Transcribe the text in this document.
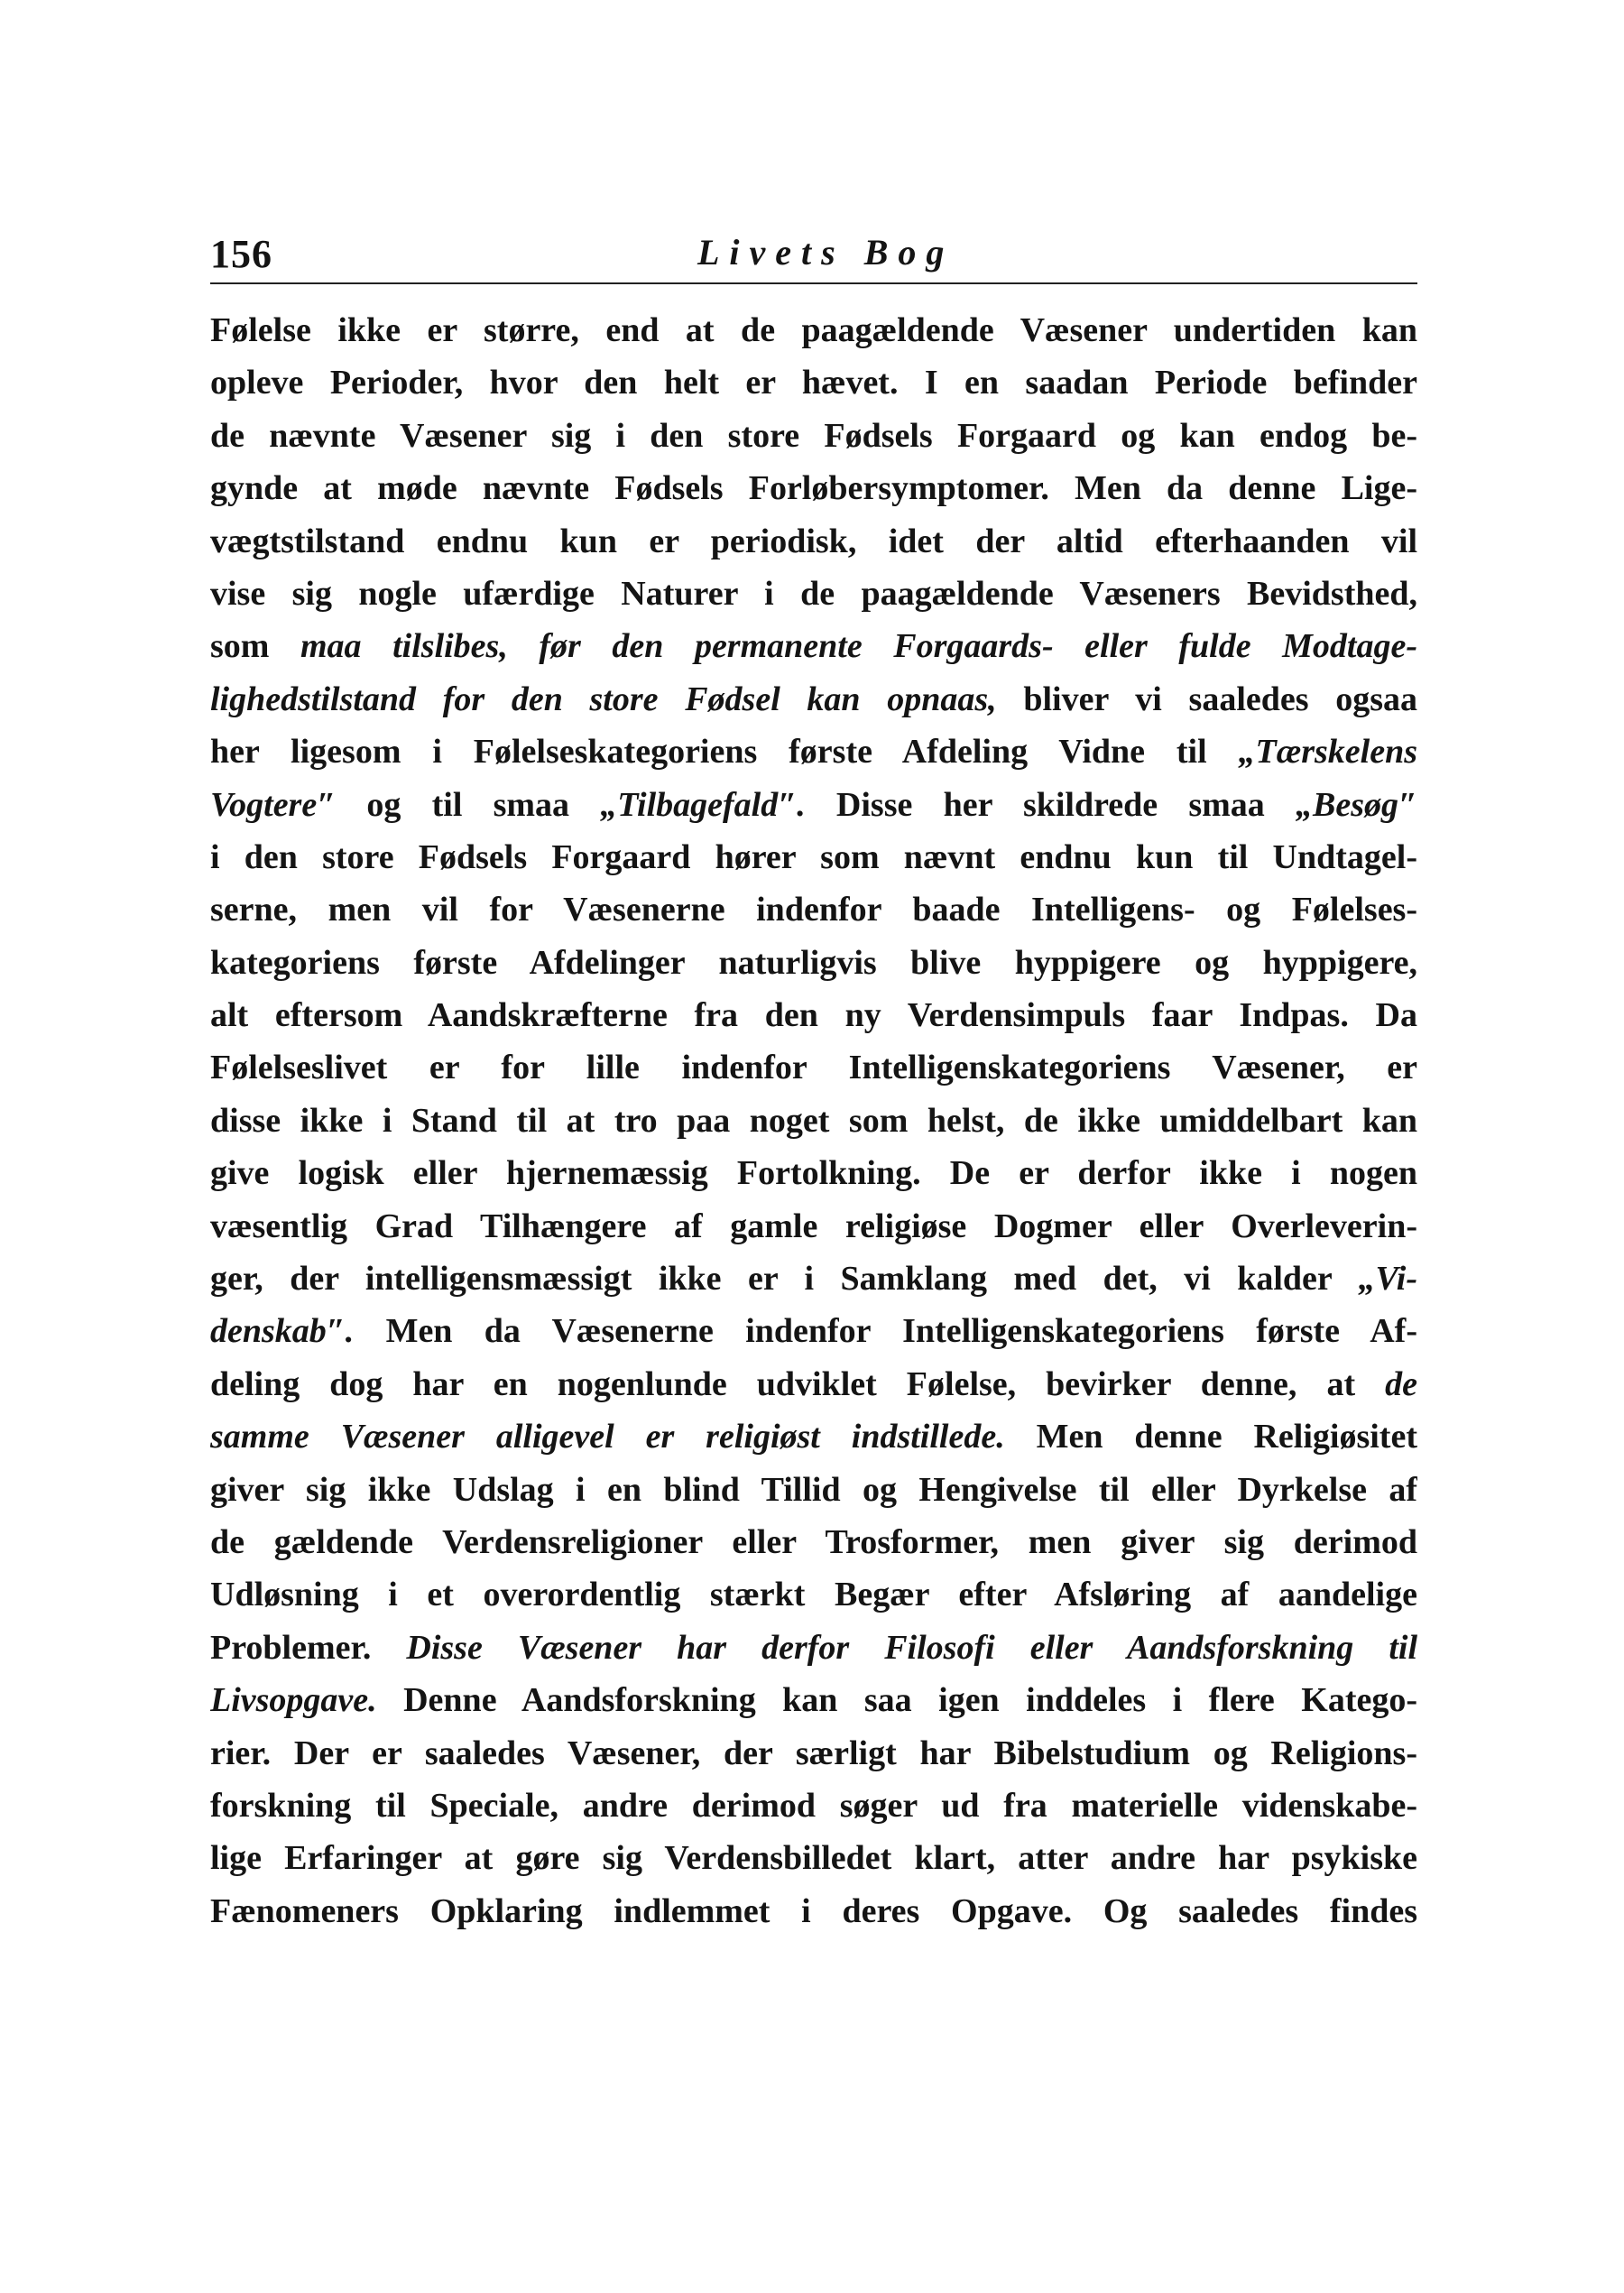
156	Livets Bog
Følelse ikke er større, end at de paagældende Væsener undertiden kan
opleve Perioder, hvor den helt er hævet. I en saadan Periode befinder
de nævnte Væsener sig i den store Fødsels Forgaard og kan endog be-
gynde at møde nævnte Fødsels Forløbersymptomer. Men da denne Lige-
vægtstilstand endnu kun er periodisk, idet der altid efterhaanden vil
vise sig nogle ufærdige Naturer i de paagældende Væseners Bevidsthed,
som maa tilslibes, før den permanente Forgaards- eller fulde Modtage-
lighedstilstand for den store Fødsel kan opnaas, bliver vi saaledes ogsaa
her ligesom i Følelseskategoriens første Afdeling Vidne til „Tærskelens
Vogtere″ og til smaa „Tilbagefald″. Disse her skildrede smaa „Besøg″
i den store Fødsels Forgaard hører som nævnt endnu kun til Undtagel-
serne, men vil for Væsenerne indenfor baade Intelligens- og Følelses-
kategoriens første Afdelinger naturligvis blive hyppigere og hyppigere,
alt eftersom Aandskræfterne fra den ny Verdensimpuls faar Indpas. Da
Følelseslivet er for lille indenfor Intelligenskategoriens Væsener, er
disse ikke i Stand til at tro paa noget som helst, de ikke umiddelbart kan
give logisk eller hjernemæssig Fortolkning. De er derfor ikke i nogen
væsentlig Grad Tilhængere af gamle religiøse Dogmer eller Overleverin-
ger, der intelligensmæssigt ikke er i Samklang med det, vi kalder „Vi-
denskab″. Men da Væsenerne indenfor Intelligenskategoriens første Af-
deling dog har en nogenlunde udviklet Følelse, bevirker denne, at de
samme Væsener alligevel er religiøst indstillede. Men denne Religiøsitet
giver sig ikke Udslag i en blind Tillid og Hengivelse til eller Dyrkelse af
de gældende Verdensreligioner eller Trosformer, men giver sig derimod
Udløsning i et overordentlig stærkt Begær efter Afsløring af aandelige
Problemer. Disse Væsener har derfor Filosofi eller Aandsforskning til
Livsopgave. Denne Aandsforskning kan saa igen inddeles i flere Katego-
rier. Der er saaledes Væsener, der særligt har Bibelstudium og Religions-
forskning til Speciale, andre derimod søger ud fra materielle videnskabe-
lige Erfaringer at gøre sig Verdensbilledet klart, atter andre har psykiske
Fænomeners Opklaring indlemmet i deres Opgave. Og saaledes findes
